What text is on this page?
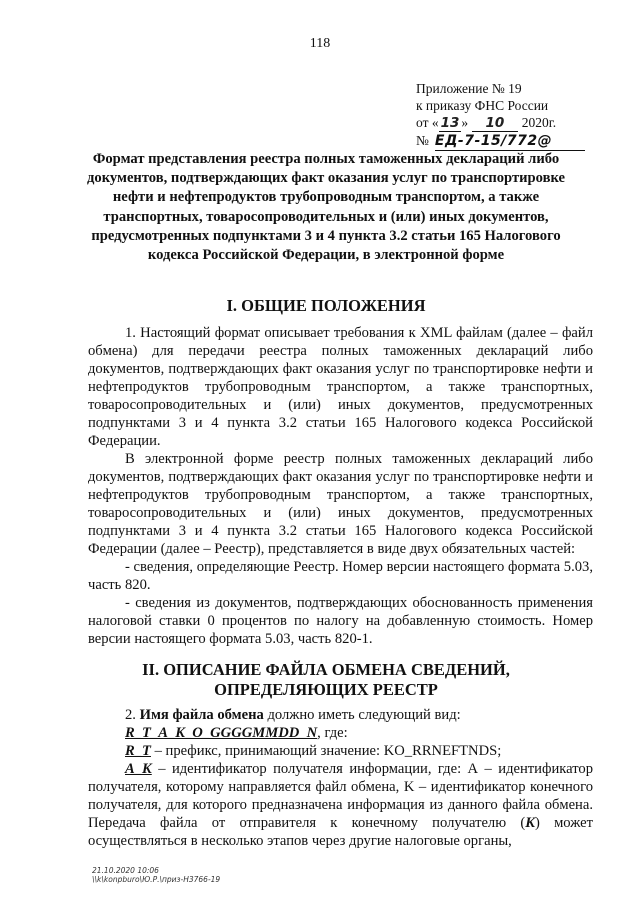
118
Приложение № 19
к приказу ФНС России
от « 13 » 10 2020г.
№ ЕД-7-15/772@
Формат представления реестра полных таможенных деклараций либо документов, подтверждающих факт оказания услуг по транспортировке нефти и нефтепродуктов трубопроводным транспортом, а также транспортных, товаросопроводительных и (или) иных документов, предусмотренных подпунктами 3 и 4 пункта 3.2 статьи 165 Налогового кодекса Российской Федерации, в электронной форме
I. ОБЩИЕ ПОЛОЖЕНИЯ

1. Настоящий формат описывает требования к XML файлам (далее – файл обмена) для передачи реестра полных таможенных деклараций либо документов, подтверждающих факт оказания услуг по транспортировке нефти и нефтепродуктов трубопроводным транспортом, а также транспортных, товаросопроводительных и (или) иных документов, предусмотренных подпунктами 3 и 4 пункта 3.2 статьи 165 Налогового кодекса Российской Федерации.

В электронной форме реестр полных таможенных деклараций либо документов, подтверждающих факт оказания услуг по транспортировке нефти и нефтепродуктов трубопроводным транспортом, а также транспортных, товаросопроводительных и (или) иных документов, предусмотренных подпунктами 3 и 4 пункта 3.2 статьи 165 Налогового кодекса Российской Федерации (далее – Реестр), представляется в виде двух обязательных частей:

- сведения, определяющие Реестр. Номер версии настоящего формата 5.03, часть 820.

- сведения из документов, подтверждающих обоснованность применения налоговой ставки 0 процентов по налогу на добавленную стоимость. Номер версии настоящего формата 5.03, часть 820-1.

II. ОПИСАНИЕ ФАЙЛА ОБМЕНА СВЕДЕНИЙ, ОПРЕДЕЛЯЮЩИХ РЕЕСТР

2. Имя файла обмена должно иметь следующий вид:

R_T_A_K_O_GGGGMMDD_N, где:

R_T – префикс, принимающий значение: KO_RRNEFTNDS;

A_K – идентификатор получателя информации, где: А – идентификатор получателя, которому направляется файл обмена, K – идентификатор конечного получателя, для которого предназначена информация из данного файла обмена. Передача файла от отправителя к конечному получателю (K) может осуществляться в несколько этапов через другие налоговые органы,

21.10.2020 10:06
\\k\konpburo\Ю.Р.\приз-Н3766-19
